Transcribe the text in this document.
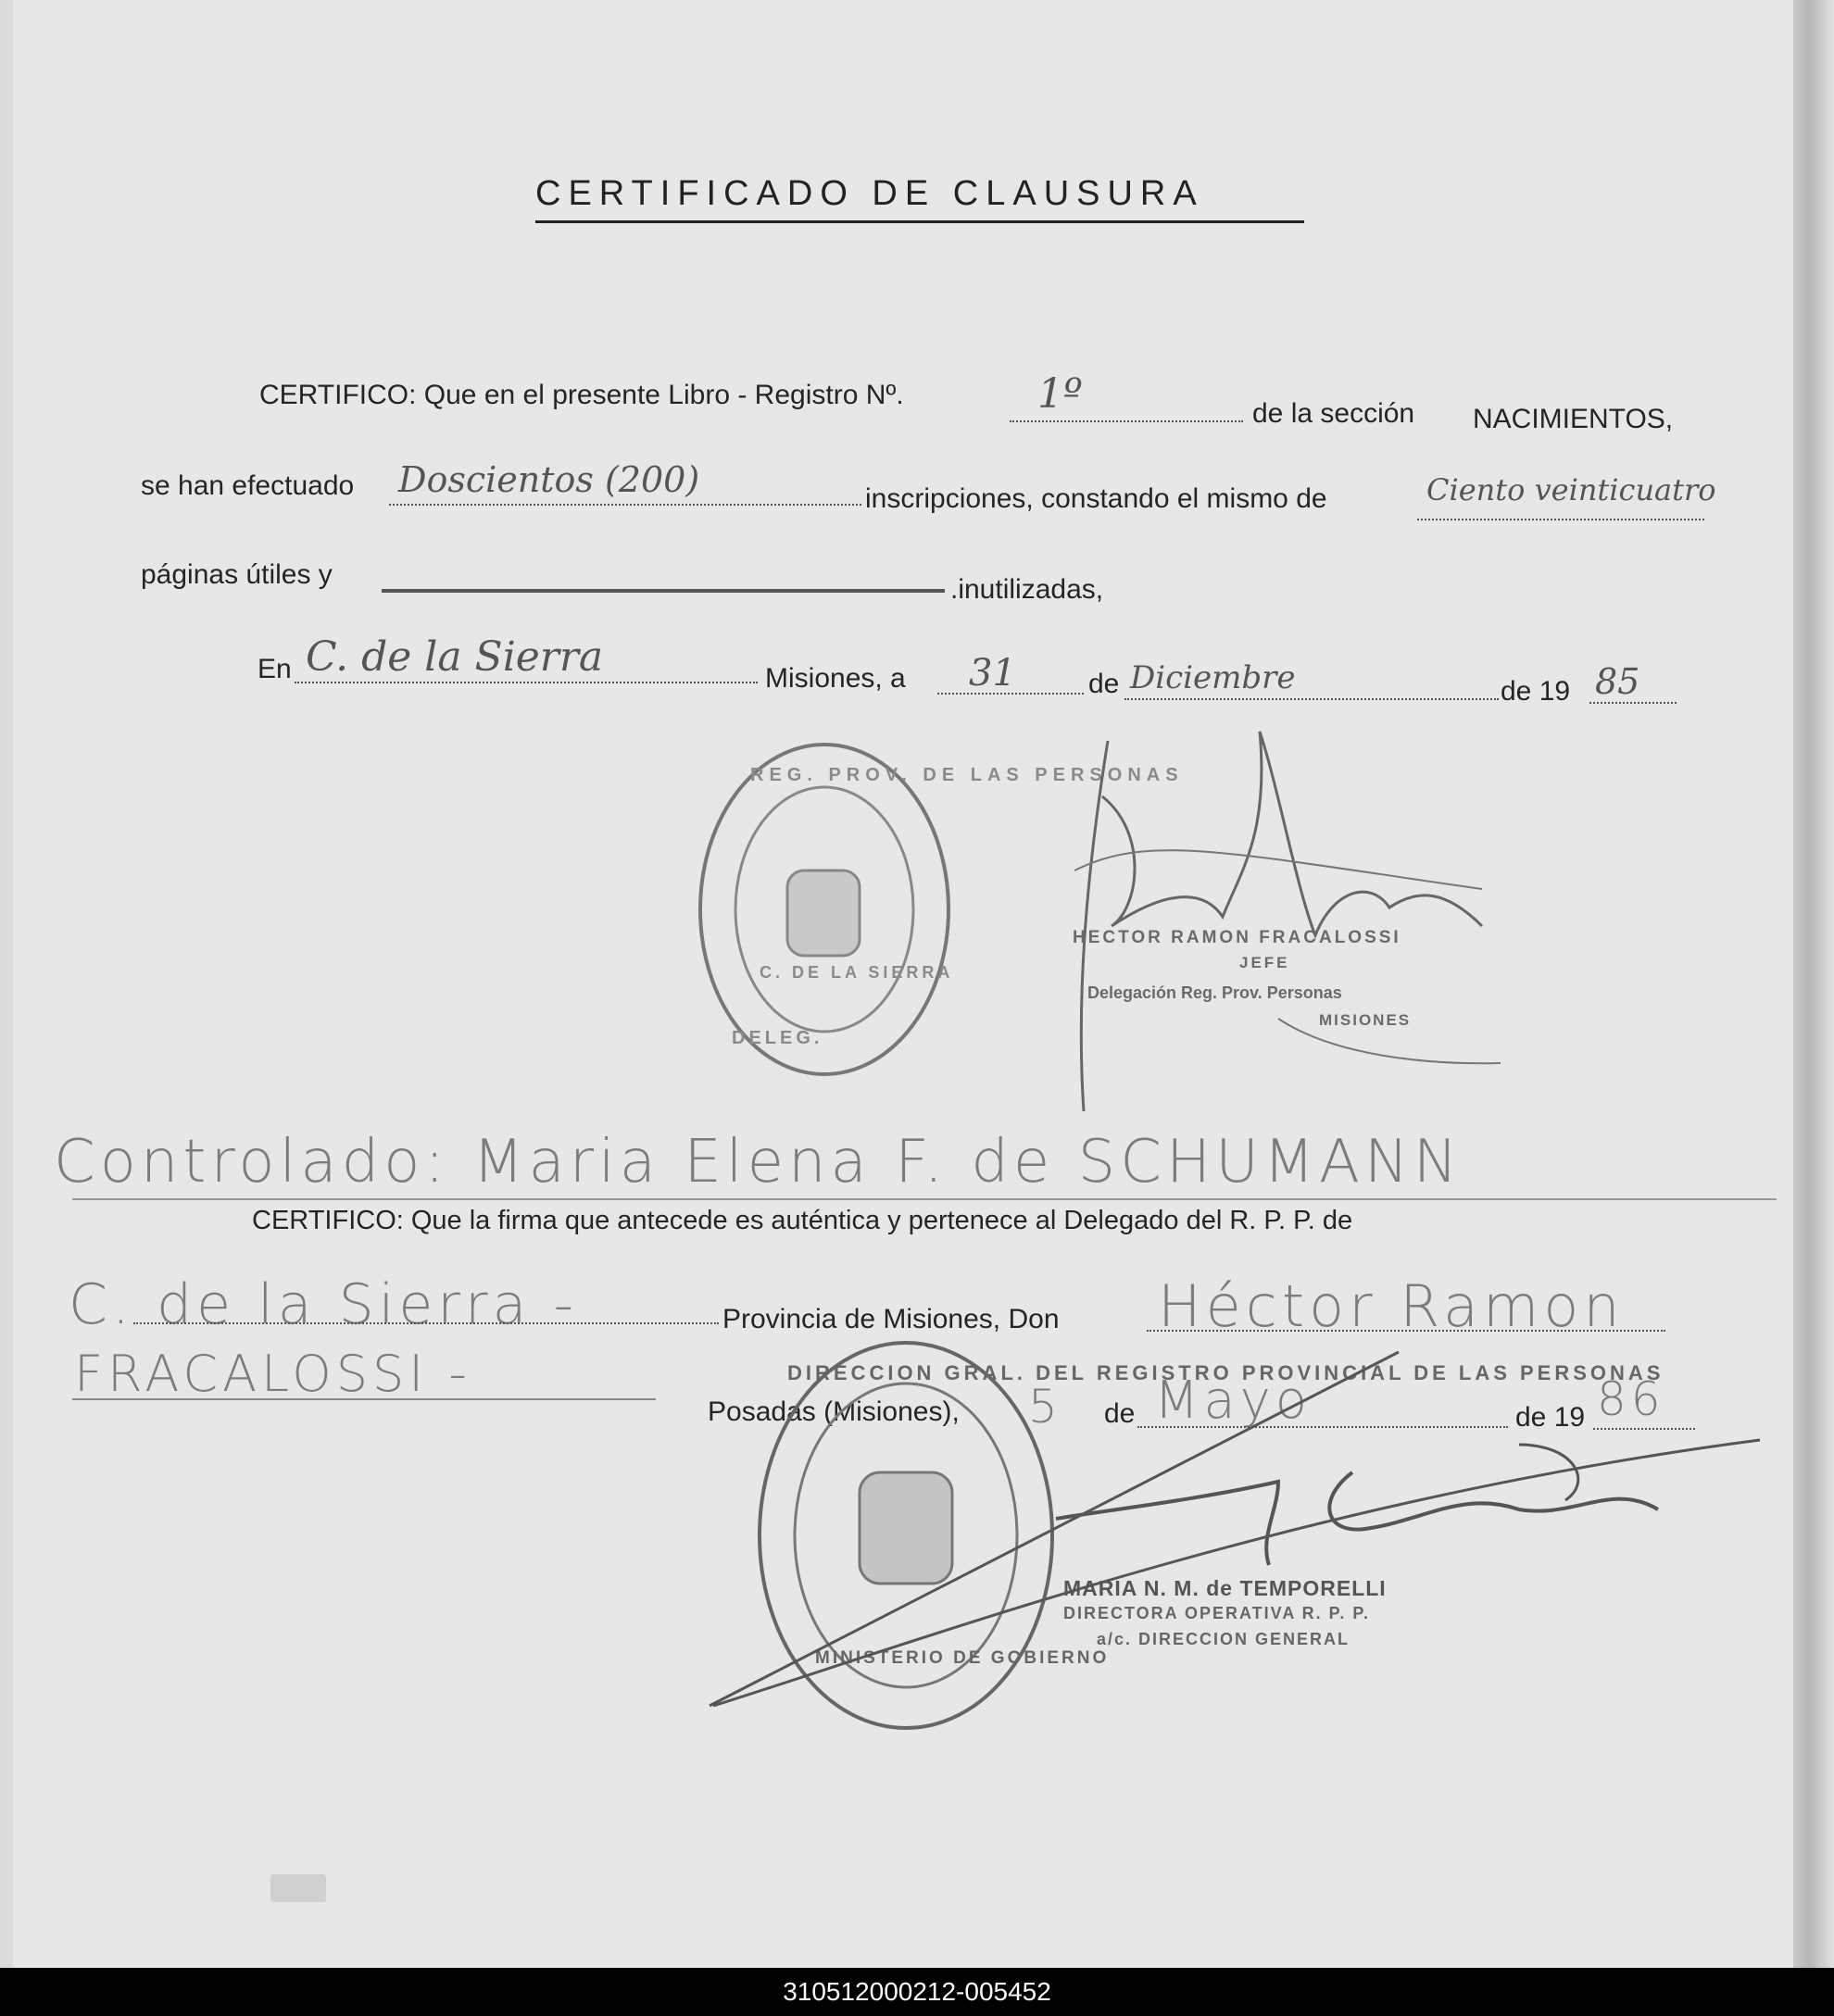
CERTIFICADO DE CLAUSURA
CERTIFICO: Que en el presente Libro - Registro Nº.	1º	de la sección NACIMIENTOS,
se han efectuado Doscientos (200)	inscripciones, constando el mismo de	Ciento veinticuatro
páginas útiles y	.inutilizadas,
En C. de la Sierra	Misiones, a 31	de Diciembre	de 19 85
REG. PROV. DE LAS PERSONAS
DELEG.
C. DE LA SIERRA
HECTOR RAMON FRACALOSSI
JEFE
Delegación Reg. Prov. Personas
MISIONES
Controlado: Maria Elena F. de SCHUMANN
CERTIFICO: Que la firma que antecede es auténtica y pertenece al Delegado del R. P. P. de
C. de la Sierra -	Provincia de Misiones, Don Héctor Ramon
FRACALOSSI -
Posadas (Misiones), 5 de Mayo	de 19 86
DIRECCION GRAL. DEL REGISTRO PROVINCIAL DE LAS PERSONAS
MINISTERIO DE GOBIERNO
MARIA N. M. de TEMPORELLI
DIRECTORA OPERATIVA R. P. P.
a/c. DIRECCION GENERAL
310512000212-005452
